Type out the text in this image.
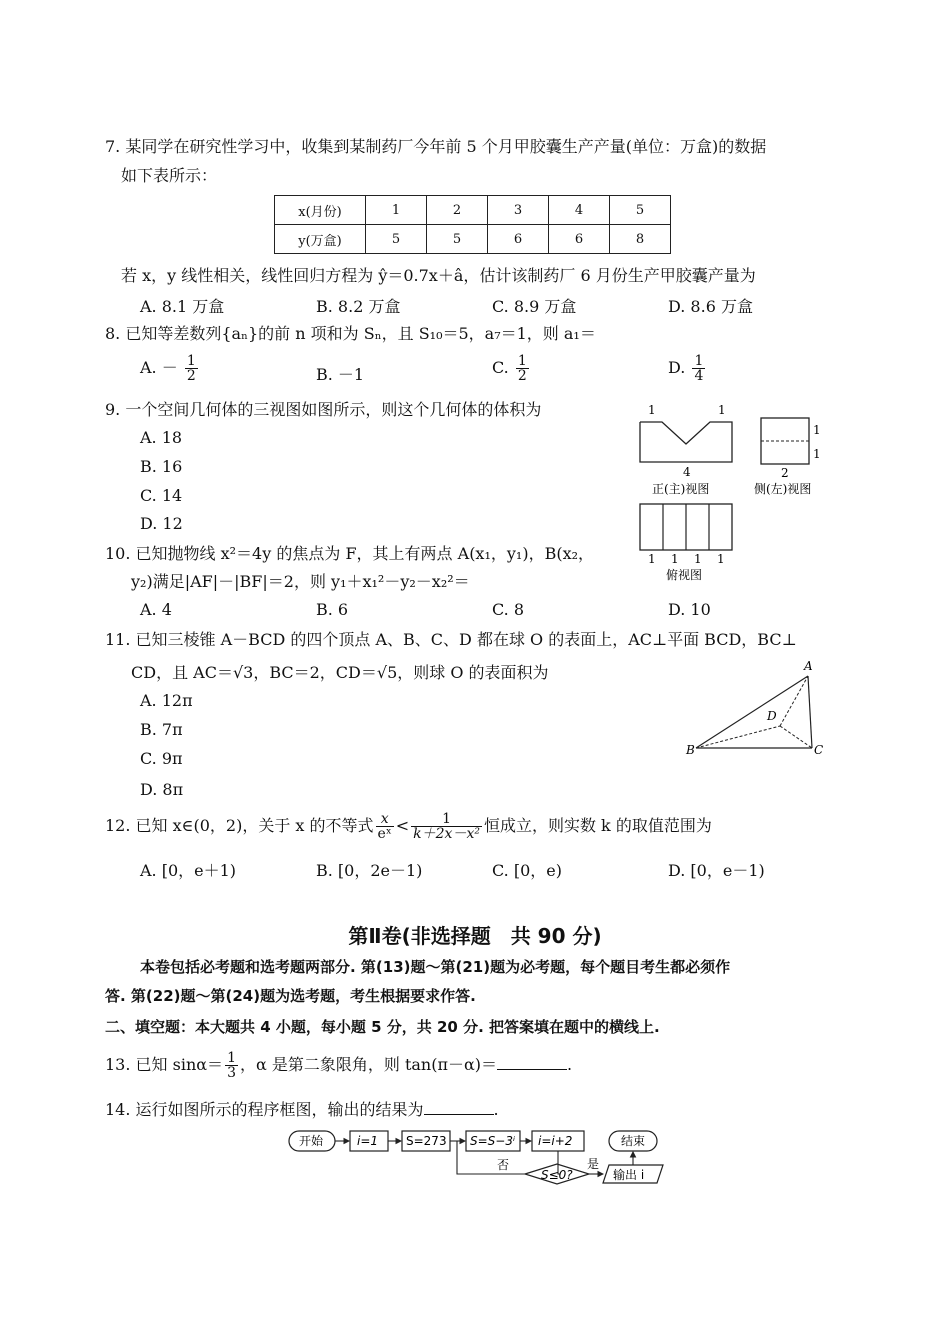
7. 某同学在研究性学习中，收集到某制药厂今年前 5 个月甲胶囊生产产量(单位：万盒)的数据
如下表所示：
x(月份)	1	2	3	4	5
y(万盒)	5	5	6	6	8
若 x，y 线性相关，线性回归方程为 ŷ＝0.7x＋â，估计该制药厂 6 月份生产甲胶囊产量为
A. 8.1 万盒	B. 8.2 万盒	C. 8.9 万盒	D. 8.6 万盒
8. 已知等差数列{aₙ}的前 n 项和为 Sₙ，且 S₁₀＝5，a₇＝1，则 a₁＝
A. － $\frac{1}{2}$	B. －1	C. $\frac{1}{2}$	D. $\frac{1}{4}$
9. 一个空间几何体的三视图如图所示，则这个几何体的体积为
A. 18
B. 16
C. 14
D. 12
1	1
4
正(主)视图
1
1
2
侧(左)视图
1 1 1 1
俯视图
10. 已知抛物线 x²＝4y 的焦点为 F，其上有两点 A(x₁，y₁)，B(x₂，
y₂)满足|AF|－|BF|＝2，则 y₁＋x₁²－y₂－x₂²＝
A. 4	B. 6	C. 8	D. 10
11. 已知三棱锥 A－BCD 的四个顶点 A、B、C、D 都在球 O 的表面上，AC⊥平面 BCD，BC⊥
CD，且 AC＝√3，BC＝2，CD＝√5，则球 O 的表面积为
A. 12π
B. 7π
C. 9π
D. 8π
A
B	C
D
12. 已知 x∈(0，2)，关于 x 的不等式 $\frac{x}{\text{eˣ}} < \frac{1}{\text{k＋2x－x²}}$ 恒成立，则实数 k 的取值范围为
A. [0，e＋1)	B. [0，2e－1)	C. [0，e)	D. [0，e－1)
第Ⅱ卷(非选择题　共 90 分)
本卷包括必考题和选考题两部分. 第(13)题～第(21)题为必考题，每个题目考生都必须作
答. 第(22)题～第(24)题为选考题，考生根据要求作答.
二、填空题：本大题共 4 小题，每小题 5 分，共 20 分. 把答案填在题中的横线上.
13. 已知 $\sin\alpha= \frac{1}{3}$ ，α 是第二象限角，则 tan(π－α)＝	.
14. 运行如图所示的程序框图，输出的结果为	.
开始	i=1 S=273 S=S−3ⁱ i=i+2
S≤0?
否	是
输出 i
结束
